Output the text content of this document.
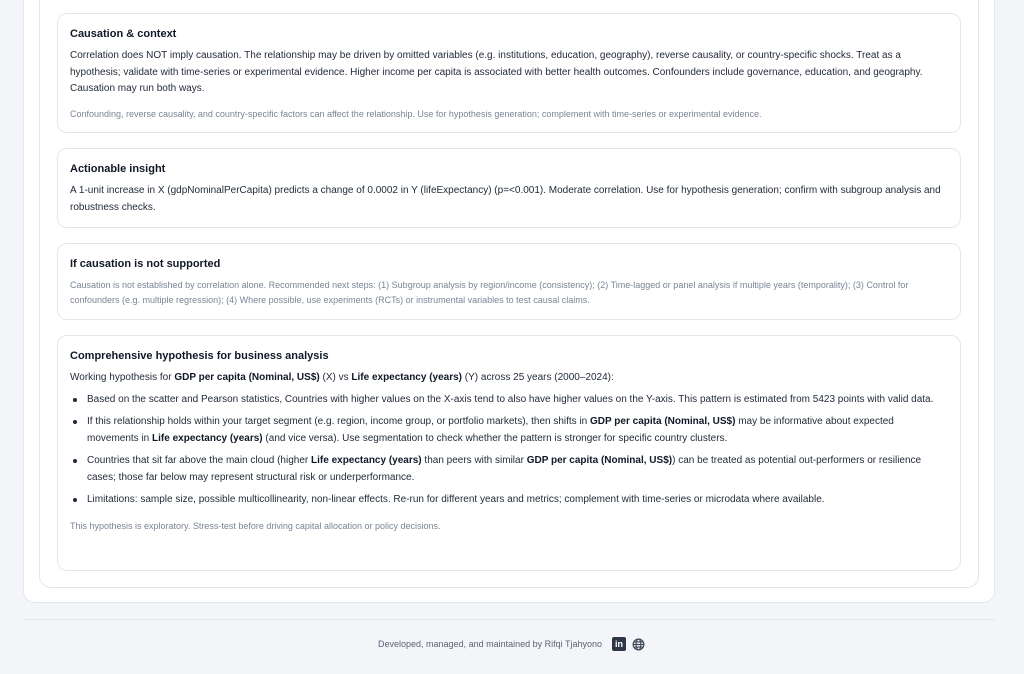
Causation & context

Correlation does NOT imply causation. The relationship may be driven by omitted variables (e.g. institutions, education, geography), reverse causality, or country-specific shocks. Treat as a hypothesis; validate with time-series or experimental evidence. Higher income per capita is associated with better health outcomes. Confounders include governance, education, and geography. Causation may run both ways.

Confounding, reverse causality, and country-specific factors can affect the relationship. Use for hypothesis generation; complement with time-series or experimental evidence.

Actionable insight

A 1-unit increase in X (gdpNominalPerCapita) predicts a change of 0.0002 in Y (lifeExpectancy) (p=<0.001). Moderate correlation. Use for hypothesis generation; confirm with subgroup analysis and robustness checks.

If causation is not supported

Causation is not established by correlation alone. Recommended next steps: (1) Subgroup analysis by region/income (consistency); (2) Time-lagged or panel analysis if multiple years (temporality); (3) Control for confounders (e.g. multiple regression); (4) Where possible, use experiments (RCTs) or instrumental variables to test causal claims.

Comprehensive hypothesis for business analysis

Working hypothesis for GDP per capita (Nominal, US$) (X) vs Life expectancy (years) (Y) across 25 years (2000–2024):

Based on the scatter and Pearson statistics, Countries with higher values on the X-axis tend to also have higher values on the Y-axis. This pattern is estimated from 5423 points with valid data.
If this relationship holds within your target segment (e.g. region, income group, or portfolio markets), then shifts in GDP per capita (Nominal, US$) may be informative about expected movements in Life expectancy (years) (and vice versa). Use segmentation to check whether the pattern is stronger for specific country clusters.
Countries that sit far above the main cloud (higher Life expectancy (years) than peers with similar GDP per capita (Nominal, US$)) can be treated as potential out-performers or resilience cases; those far below may represent structural risk or underperformance.
Limitations: sample size, possible multicollinearity, non-linear effects. Re-run for different years and metrics; complement with time-series or microdata where available.

This hypothesis is exploratory. Stress-test before driving capital allocation or policy decisions.

Developed, managed, and maintained by Rifqi Tjahyono	in
